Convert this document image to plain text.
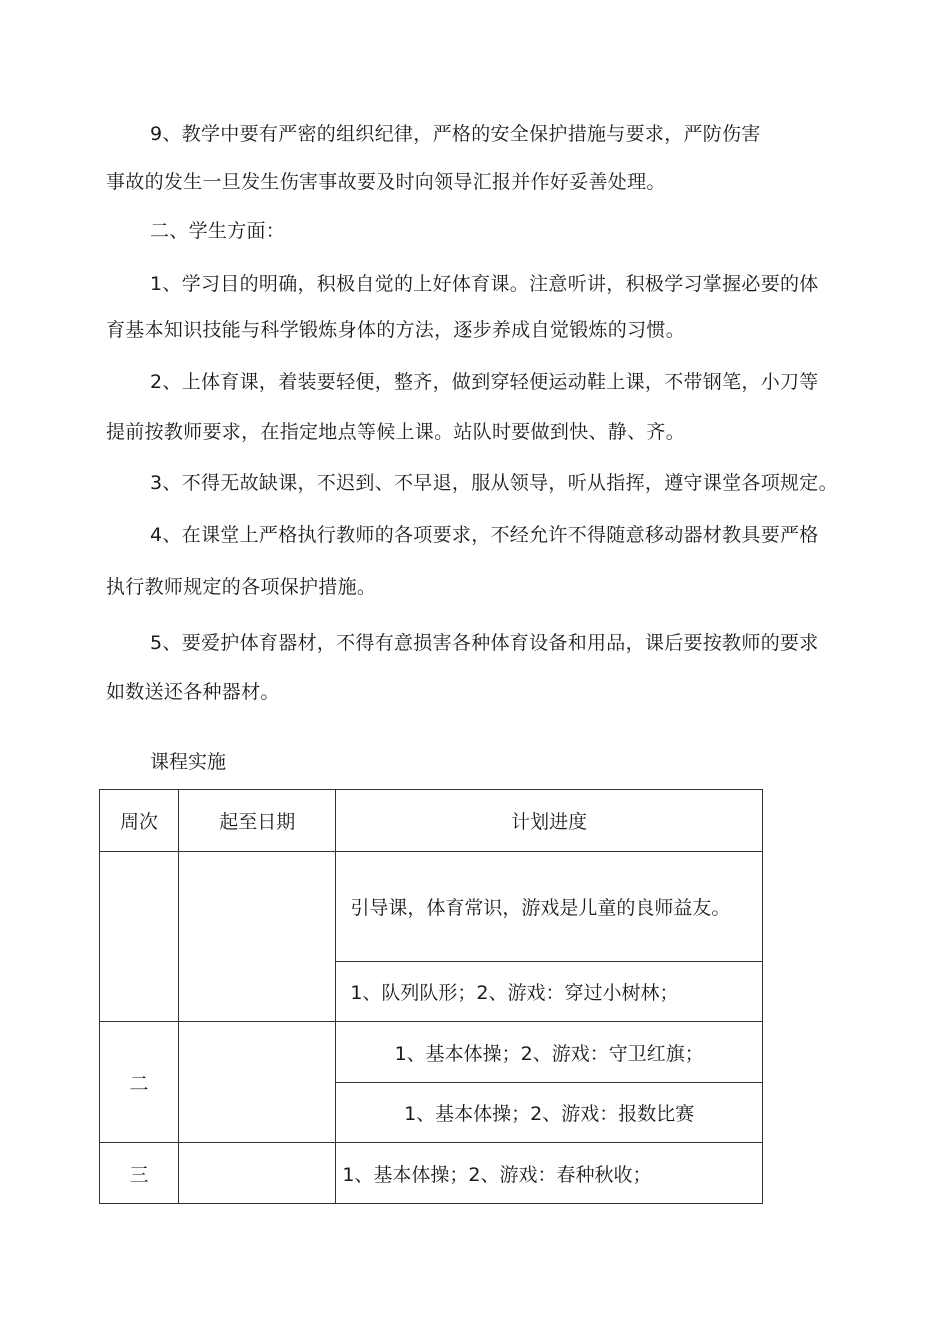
9、教学中要有严密的组织纪律，严格的安全保护措施与要求，严防伤害
事故的发生一旦发生伤害事故要及时向领导汇报并作好妥善处理。
二、学生方面：
1、学习目的明确，积极自觉的上好体育课。注意听讲，积极学习掌握必要的体
育基本知识技能与科学锻炼身体的方法，逐步养成自觉锻炼的习惯。
2、上体育课，着装要轻便，整齐，做到穿轻便运动鞋上课，不带钢笔，小刀等
提前按教师要求，在指定地点等候上课。站队时要做到快、静、齐。
3、不得无故缺课，不迟到、不早退，服从领导，听从指挥，遵守课堂各项规定。
4、在课堂上严格执行教师的各项要求，不经允许不得随意移动器材教具要严格
执行教师规定的各项保护措施。
5、要爱护体育器材，不得有意损害各种体育设备和用品，课后要按教师的要求
如数送还各种器材。
课程实施
周次	起至日期	计划进度
		引导课，体育常识，游戏是儿童的良师益友。
		1、队列队形；2、游戏：穿过小树林；
二		1、基本体操；2、游戏：守卫红旗；
		1、基本体操；2、游戏：报数比赛
三		1、基本体操；2、游戏：春种秋收；
